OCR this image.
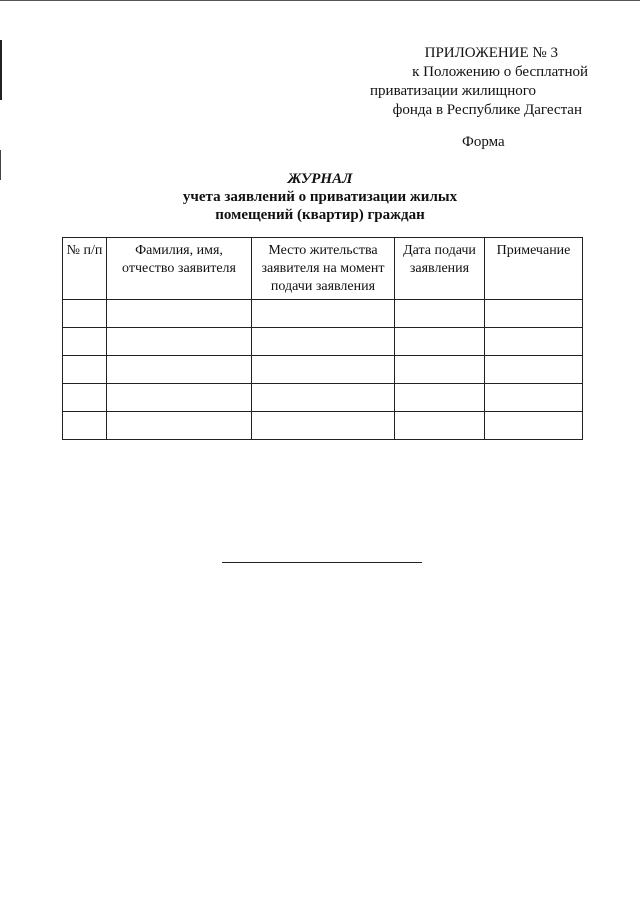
ПРИЛОЖЕНИЕ № 3
к Положению о бесплатной
приватизации жилищного
фонда в Республике Дагестан
Форма
ЖУРНАЛ
учета заявлений о приватизации жилых
помещений (квартир) граждан
№ п/п	Фамилия, имя, отчество заявителя	Место жительства заявителя на момент подачи заявления	Дата подачи заявления	Примечание
